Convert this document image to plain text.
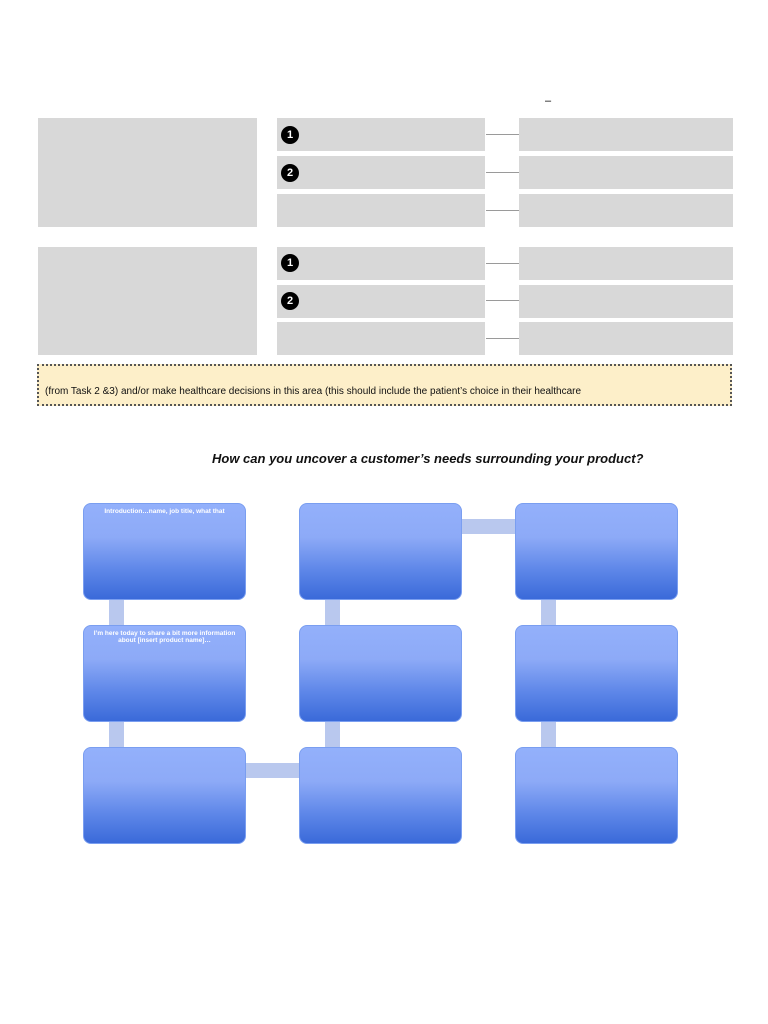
–
1
2
1
2
(from Task 2 &3) and/or make healthcare decisions in this area (this should include the patient’s choice in their healthcare
How can you uncover a customer’s needs surrounding your product?
Introduction…name, job title, what that
I’m here today to share a bit more information about [insert product name]…
